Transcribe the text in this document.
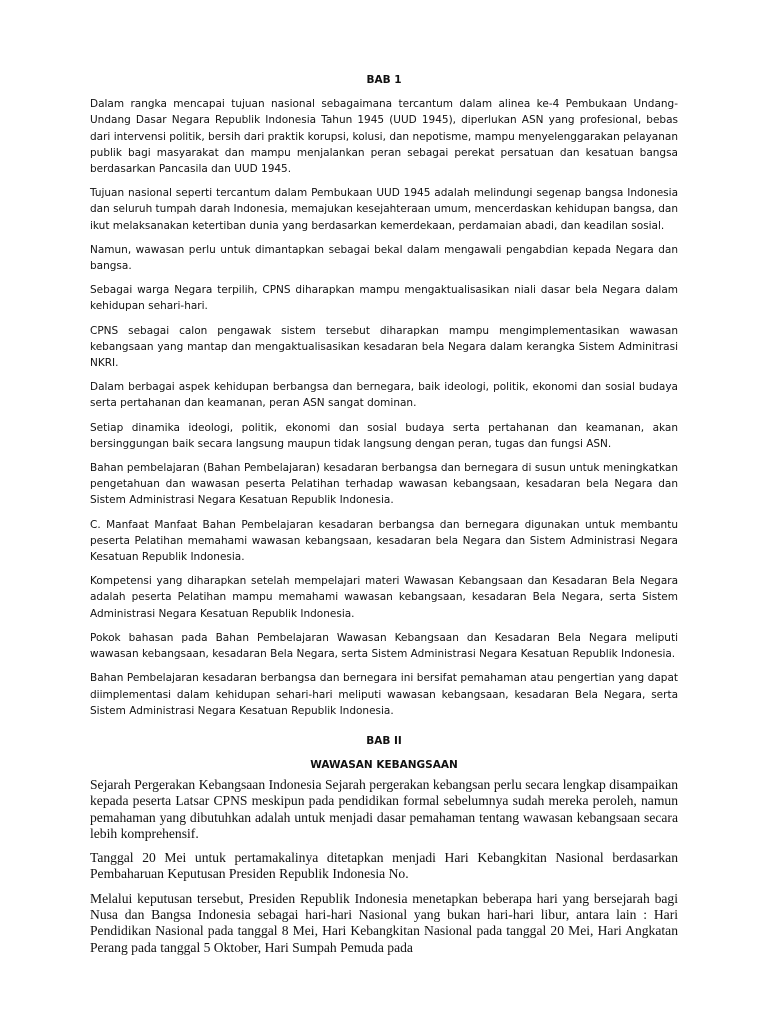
BAB 1

Dalam rangka mencapai tujuan nasional sebagaimana tercantum dalam alinea ke-4 Pembukaan Undang-Undang Dasar Negara Republik Indonesia Tahun 1945 (UUD 1945), diperlukan ASN yang profesional, bebas dari intervensi politik, bersih dari praktik korupsi, kolusi, dan nepotisme, mampu menyelenggarakan pelayanan publik bagi masyarakat dan mampu menjalankan peran sebagai perekat persatuan dan kesatuan bangsa berdasarkan Pancasila dan UUD 1945.

Tujuan nasional seperti tercantum dalam Pembukaan UUD 1945 adalah melindungi segenap bangsa Indonesia dan seluruh tumpah darah Indonesia, memajukan kesejahteraan umum, mencerdaskan kehidupan bangsa, dan ikut melaksanakan ketertiban dunia yang berdasarkan kemerdekaan, perdamaian abadi, dan keadilan sosial.

Namun, wawasan perlu untuk dimantapkan sebagai bekal dalam mengawali pengabdian kepada Negara dan bangsa.

Sebagai warga Negara terpilih, CPNS diharapkan mampu mengaktualisasikan niali dasar bela Negara dalam kehidupan sehari-hari.

CPNS sebagai calon pengawak sistem tersebut diharapkan mampu mengimplementasikan wawasan kebangsaan yang mantap dan mengaktualisasikan kesadaran bela Negara dalam kerangka Sistem Adminitrasi NKRI.

Dalam berbagai aspek kehidupan berbangsa dan bernegara, baik ideologi, politik, ekonomi dan sosial budaya serta pertahanan dan keamanan, peran ASN sangat dominan.

Setiap dinamika ideologi, politik, ekonomi dan sosial budaya serta pertahanan dan keamanan, akan bersinggungan baik secara langsung maupun tidak langsung dengan peran, tugas dan fungsi ASN.

Bahan pembelajaran (Bahan Pembelajaran) kesadaran berbangsa dan bernegara di susun untuk meningkatkan pengetahuan dan wawasan peserta Pelatihan terhadap wawasan kebangsaan, kesadaran bela Negara dan Sistem Administrasi Negara Kesatuan Republik Indonesia.

C. Manfaat Manfaat Bahan Pembelajaran kesadaran berbangsa dan bernegara digunakan untuk membantu peserta Pelatihan memahami wawasan kebangsaan, kesadaran bela Negara dan Sistem Administrasi Negara Kesatuan Republik Indonesia.

Kompetensi yang diharapkan setelah mempelajari materi Wawasan Kebangsaan dan Kesadaran Bela Negara adalah peserta Pelatihan mampu memahami wawasan kebangsaan, kesadaran Bela Negara, serta Sistem Administrasi Negara Kesatuan Republik Indonesia.

Pokok bahasan pada Bahan Pembelajaran Wawasan Kebangsaan dan Kesadaran Bela Negara meliputi wawasan kebangsaan, kesadaran Bela Negara, serta Sistem Administrasi Negara Kesatuan Republik Indonesia.

Bahan Pembelajaran kesadaran berbangsa dan bernegara ini bersifat pemahaman atau pengertian yang dapat diimplementasi dalam kehidupan sehari-hari meliputi wawasan kebangsaan, kesadaran Bela Negara, serta Sistem Administrasi Negara Kesatuan Republik Indonesia.

BAB II

WAWASAN KEBANGSAAN

Sejarah Pergerakan Kebangsaan Indonesia Sejarah pergerakan kebangsan perlu secara lengkap disampaikan kepada peserta Latsar CPNS meskipun pada pendidikan formal sebelumnya sudah mereka peroleh, namun pemahaman yang dibutuhkan adalah untuk menjadi dasar pemahaman tentang wawasan kebangsaan secara lebih komprehensif.

Tanggal 20 Mei untuk pertamakalinya ditetapkan menjadi Hari Kebangkitan Nasional berdasarkan Pembaharuan Keputusan Presiden Republik Indonesia No.

Melalui keputusan tersebut, Presiden Republik Indonesia menetapkan beberapa hari yang bersejarah bagi Nusa dan Bangsa Indonesia sebagai hari-hari Nasional yang bukan hari-hari libur, antara lain : Hari Pendidikan Nasional pada tanggal 8 Mei, Hari Kebangkitan Nasional pada tanggal 20 Mei, Hari Angkatan Perang pada tanggal 5 Oktober, Hari Sumpah Pemuda pada
